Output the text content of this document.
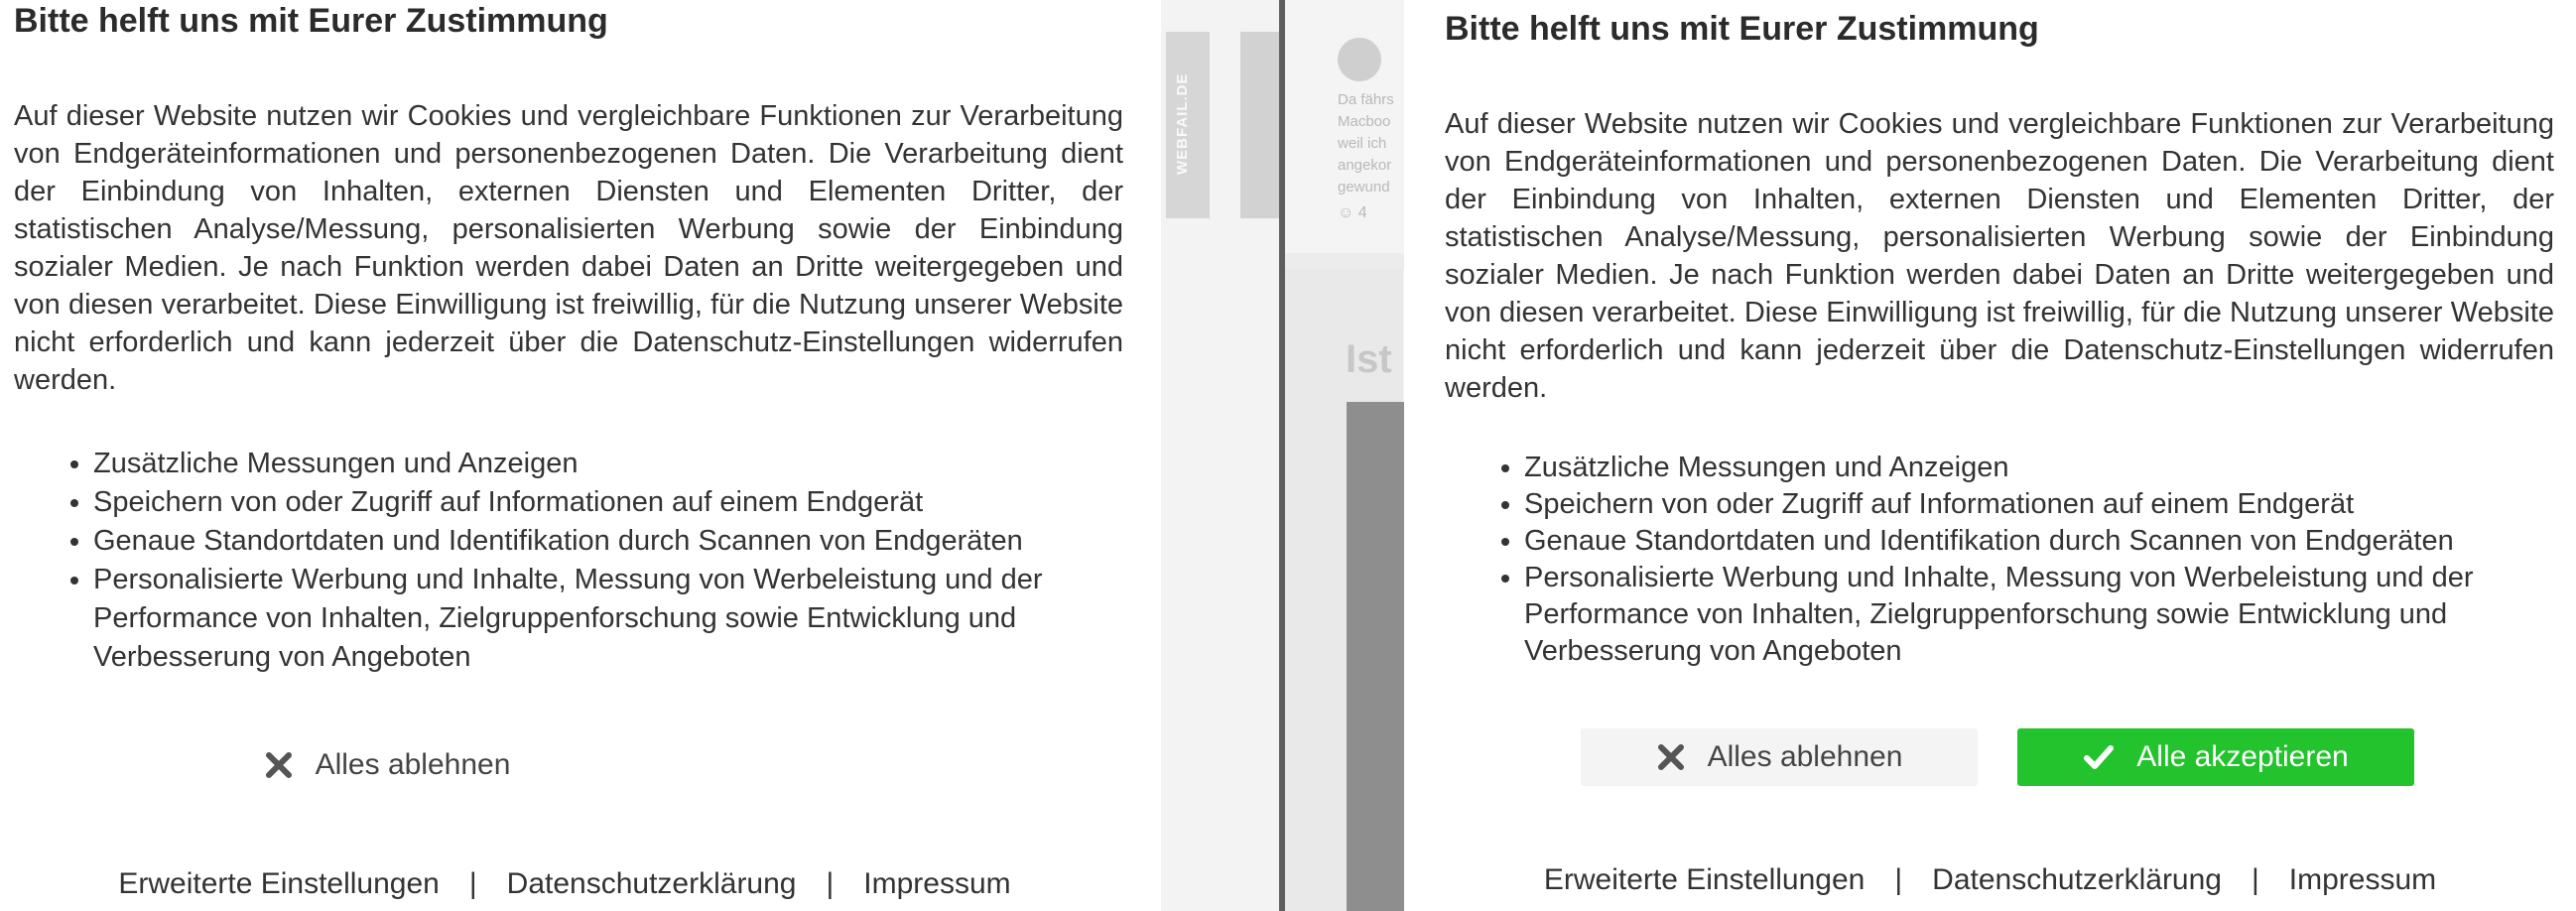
Bitte helft uns mit Eurer Zustimmung

Auf dieser Website nutzen wir Cookies und vergleichbare Funktionen zur Verarbeitung von Endgeräteinformationen und personenbezogenen Daten. Die Verarbeitung dient der Einbindung von Inhalten, externen Diensten und Elementen Dritter, der statistischen Analyse/Messung, personalisierten Werbung sowie der Einbindung sozialer Medien. Je nach Funktion werden dabei Daten an Dritte weitergegeben und von diesen verarbeitet. Diese Einwilligung ist freiwillig, für die Nutzung unserer Website nicht erforderlich und kann jederzeit über die Datenschutz-Einstellungen widerrufen werden.

• Zusätzliche Messungen und Anzeigen
• Speichern von oder Zugriff auf Informationen auf einem Endgerät
• Genaue Standortdaten und Identifikation durch Scannen von Endgeräten
• Personalisierte Werbung und Inhalte, Messung von Werbeleistung und der Performance von Inhalten, Zielgruppenforschung sowie Entwicklung und Verbesserung von Angeboten
Alles ablehnen
Erweiterte Einstellungen | Datenschutzerklärung | Impressum
WEBFAIL.DE	Da fährs
Macboo
weil ich
angekor
gewund
☺ 4
Ist
Bitte helft uns mit Eurer Zustimmung

Auf dieser Website nutzen wir Cookies und vergleichbare Funktionen zur Verarbeitung von Endgeräteinformationen und personenbezogenen Daten. Die Verarbeitung dient der Einbindung von Inhalten, externen Diensten und Elementen Dritter, der statistischen Analyse/Messung, personalisierten Werbung sowie der Einbindung sozialer Medien. Je nach Funktion werden dabei Daten an Dritte weitergegeben und von diesen verarbeitet. Diese Einwilligung ist freiwillig, für die Nutzung unserer Website nicht erforderlich und kann jederzeit über die Datenschutz-Einstellungen widerrufen werden.

• Zusätzliche Messungen und Anzeigen
• Speichern von oder Zugriff auf Informationen auf einem Endgerät
• Genaue Standortdaten und Identifikation durch Scannen von Endgeräten
• Personalisierte Werbung und Inhalte, Messung von Werbeleistung und der Performance von Inhalten, Zielgruppenforschung sowie Entwicklung und Verbesserung von Angeboten
Alles ablehnen	Alle akzeptieren
Erweiterte Einstellungen | Datenschutzerklärung | Impressum
